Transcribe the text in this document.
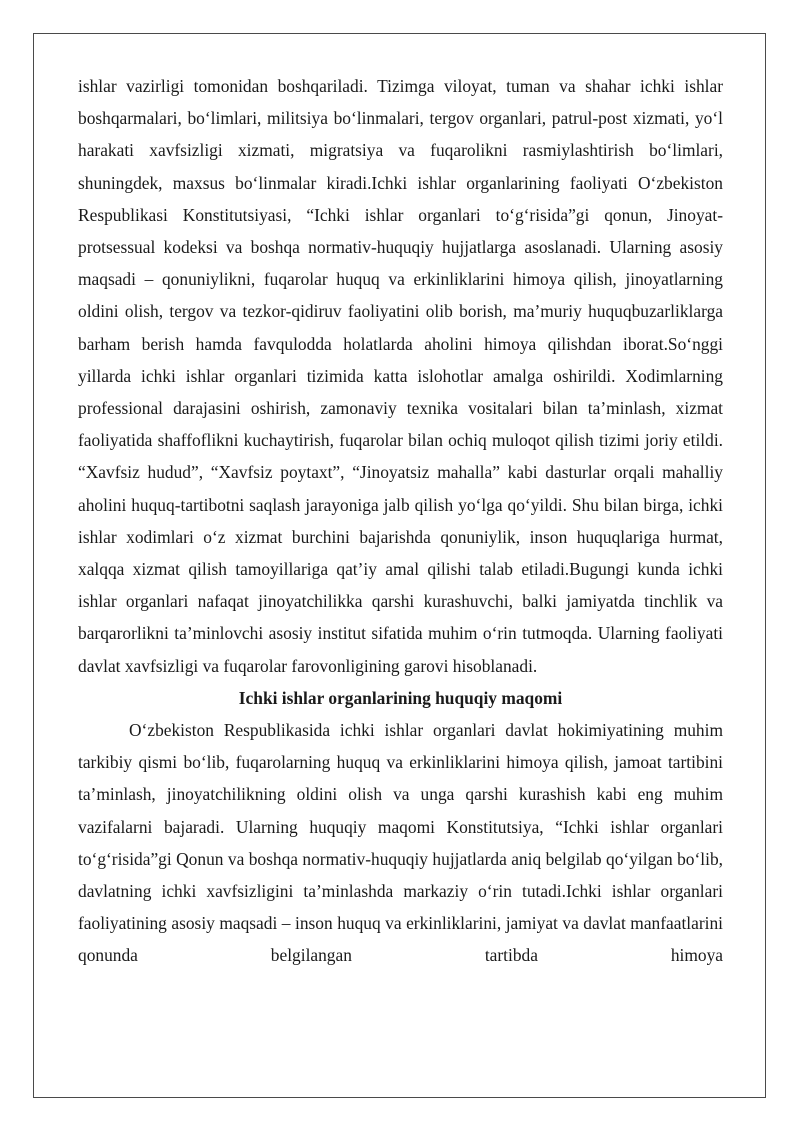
ishlar vazirligi tomonidan boshqariladi. Tizimga viloyat, tuman va shahar ichki ishlar boshqarmalari, bo‘limlari, militsiya bo‘linmalari, tergov organlari, patrul-post xizmati, yo‘l harakati xavfsizligi xizmati, migratsiya va fuqarolikni rasmiylashtirish bo‘limlari, shuningdek, maxsus bo‘linmalar kiradi.Ichki ishlar organlarining faoliyati O‘zbekiston Respublikasi Konstitutsiyasi, “Ichki ishlar organlari to‘g‘risida”gi qonun, Jinoyat-protsessual kodeksi va boshqa normativ-huquqiy hujjatlarga asoslanadi. Ularning asosiy maqsadi – qonuniylikni, fuqarolar huquq va erkinliklarini himoya qilish, jinoyatlarning oldini olish, tergov va tezkor-qidiruv faoliyatini olib borish, ma’muriy huquqbuzarliklarga barham berish hamda favqulodda holatlarda aholini himoya qilishdan iborat.So‘nggi yillarda ichki ishlar organlari tizimida katta islohotlar amalga oshirildi. Xodimlarning professional darajasini oshirish, zamonaviy texnika vositalari bilan ta’minlash, xizmat faoliyatida shaffoflikni kuchaytirish, fuqarolar bilan ochiq muloqot qilish tizimi joriy etildi. “Xavfsiz hudud”, “Xavfsiz poytaxt”, “Jinoyatsiz mahalla” kabi dasturlar orqali mahalliy aholini huquq-tartibotni saqlash jarayoniga jalb qilish yo‘lga qo‘yildi. Shu bilan birga, ichki ishlar xodimlari o‘z xizmat burchini bajarishda qonuniylik, inson huquqlariga hurmat, xalqqa xizmat qilish tamoyillariga qat’iy amal qilishi talab etiladi.Bugungi kunda ichki ishlar organlari nafaqat jinoyatchilikka qarshi kurashuvchi, balki jamiyatda tinchlik va barqarorlikni ta’minlovchi asosiy institut sifatida muhim o‘rin tutmoqda. Ularning faoliyati davlat xavfsizligi va fuqarolar farovonligining garovi hisoblanadi.

Ichki ishlar organlarining huquqiy maqomi

O‘zbekiston Respublikasida ichki ishlar organlari davlat hokimiyatining muhim tarkibiy qismi bo‘lib, fuqarolarning huquq va erkinliklarini himoya qilish, jamoat tartibini ta’minlash, jinoyatchilikning oldini olish va unga qarshi kurashish kabi eng muhim vazifalarni bajaradi. Ularning huquqiy maqomi Konstitutsiya, “Ichki ishlar organlari to‘g‘risida”gi Qonun va boshqa normativ-huquqiy hujjatlarda aniq belgilab qo‘yilgan bo‘lib, davlatning ichki xavfsizligini ta’minlashda markaziy o‘rin tutadi.Ichki ishlar organlari faoliyatining asosiy maqsadi – inson huquq va erkinliklarini, jamiyat va davlat manfaatlarini qonunda belgilangan tartibda himoya
